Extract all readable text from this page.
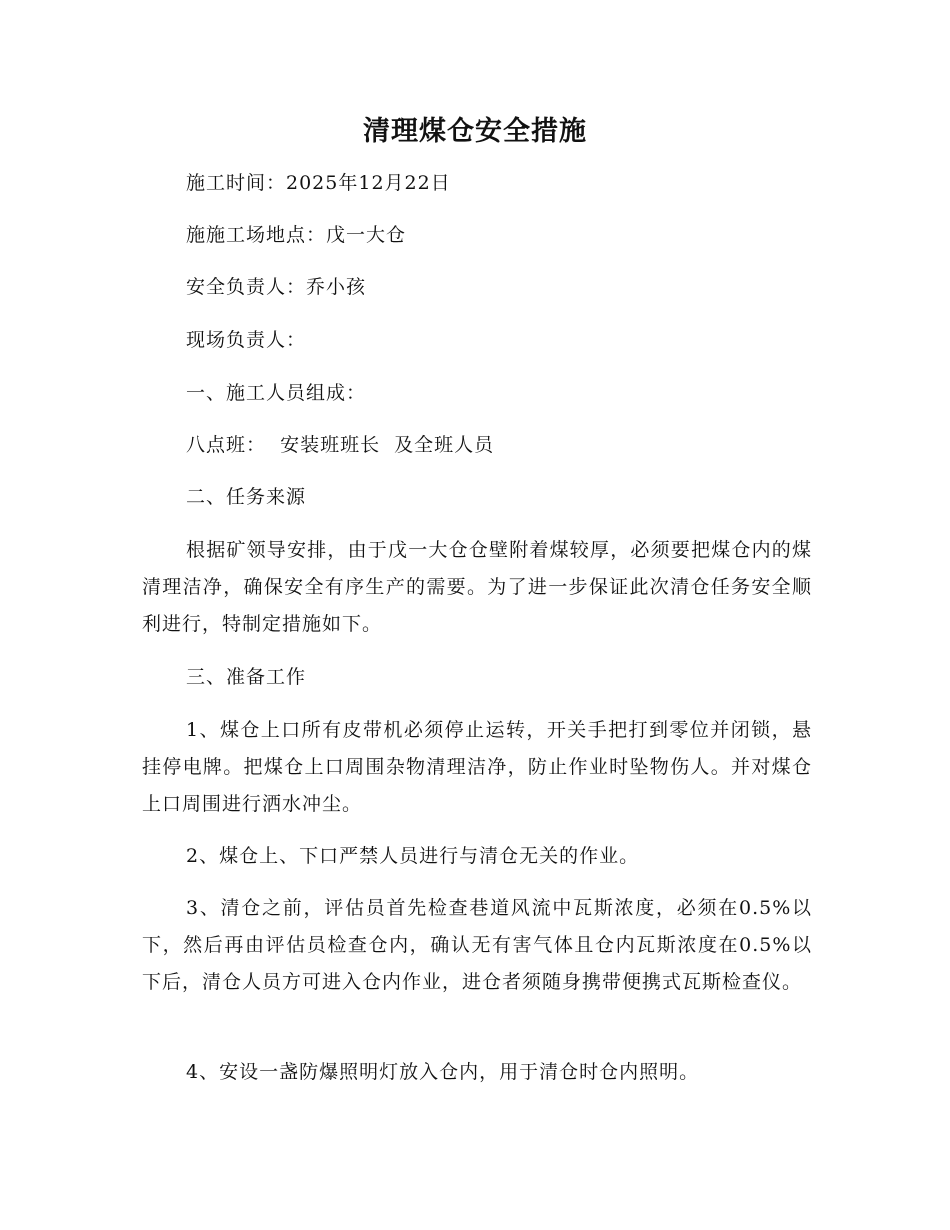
清理煤仓安全措施
施工时间：2025年12月22日
施施工场地点：戊一大仓
安全负责人：乔小孩
现场负责人：
一、施工人员组成：
八点班：  安装班班长  及全班人员
二、任务来源
根据矿领导安排，由于戊一大仓仓壁附着煤较厚，必须要把煤仓内的煤清理洁净，确保安全有序生产的需要。为了进一步保证此次清仓任务安全顺利进行，特制定措施如下。
三、准备工作
1、煤仓上口所有皮带机必须停止运转，开关手把打到零位并闭锁，悬挂停电牌。把煤仓上口周围杂物清理洁净，防止作业时坠物伤人。并对煤仓上口周围进行洒水冲尘。
2、煤仓上、下口严禁人员进行与清仓无关的作业。
3、清仓之前，评估员首先检查巷道风流中瓦斯浓度，必须在0.5%以下，然后再由评估员检查仓内，确认无有害气体且仓内瓦斯浓度在0.5%以下后，清仓人员方可进入仓内作业，进仓者须随身携带便携式瓦斯检查仪。
4、安设一盏防爆照明灯放入仓内，用于清仓时仓内照明。
